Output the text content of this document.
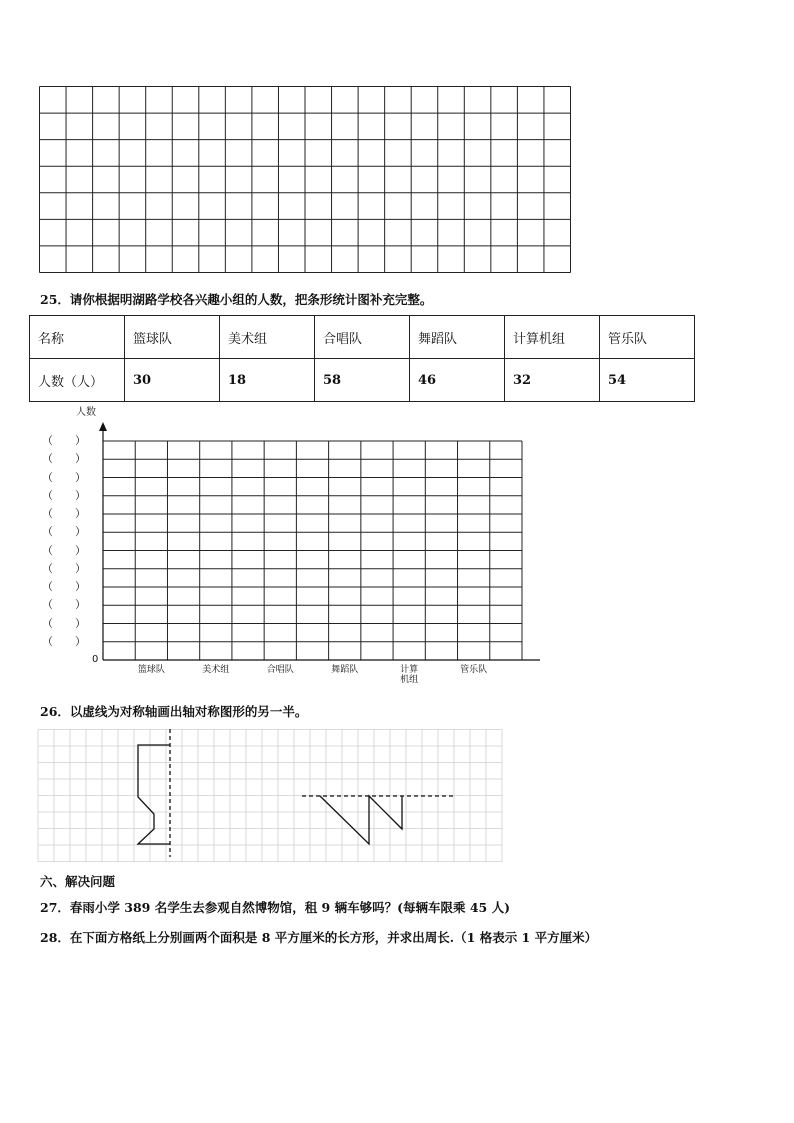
25．请你根据明湖路学校各兴趣小组的人数，把条形统计图补充完整。
名称	篮球队	美术组	合唱队	舞蹈队	计算机组	管乐队
人数（人）	30	18	58	46	32	54
人数
0
（　　）
（　　）
（　　）
（　　）
（　　）
（　　）
（　　）
（　　）
（　　）
（　　）
（　　）
（　　）
篮球队	美术组	合唱队	舞蹈队	计算
机组
管乐队
26．以虚线为对称轴画出轴对称图形的另一半。
六、解决问题
27．春雨小学 389 名学生去参观自然博物馆，租 9 辆车够吗？(每辆车限乘 45 人)
28．在下面方格纸上分别画两个面积是 8 平方厘米的长方形，并求出周长.（1 格表示 1 平方厘米）
